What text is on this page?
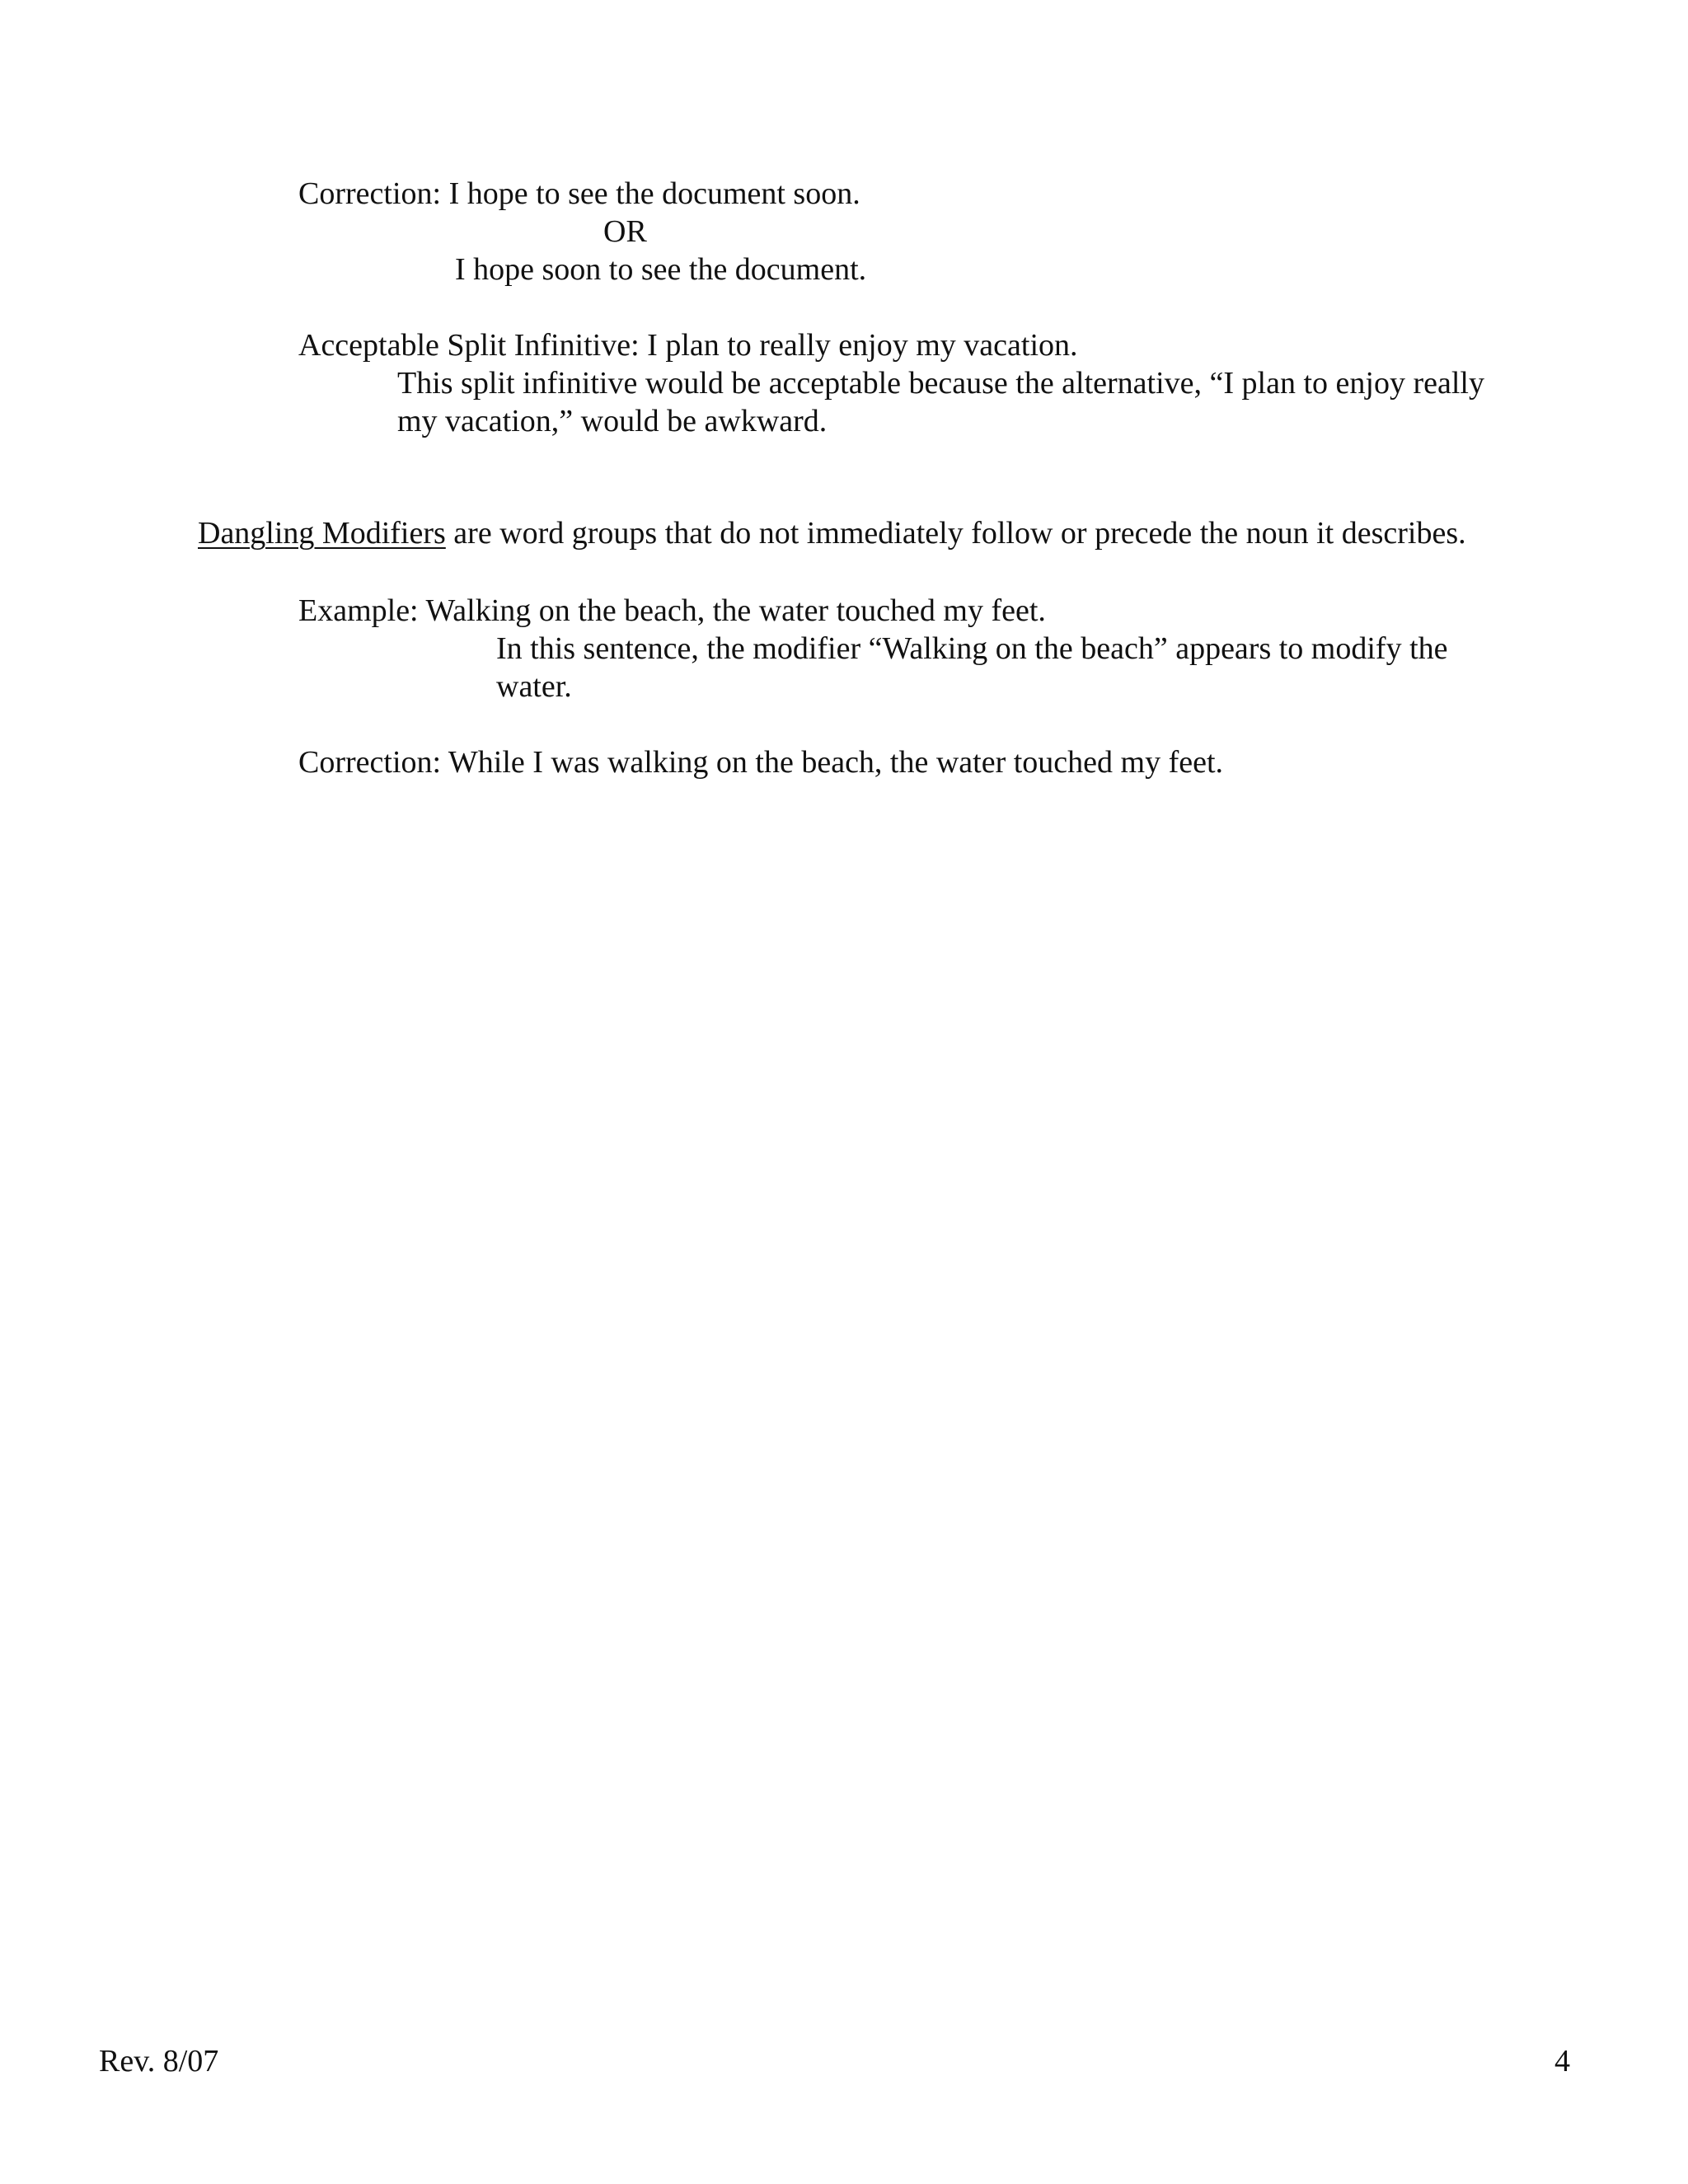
Correction: I hope to see the document soon.
OR
I hope soon to see the document.
Acceptable Split Infinitive: I plan to really enjoy my vacation.
This split infinitive would be acceptable because the alternative, “I plan to enjoy really
my vacation,” would be awkward.
Dangling Modifiers are word groups that do not immediately follow or precede the noun it describes.
Example: Walking on the beach, the water touched my feet.
In this sentence, the modifier “Walking on the beach” appears to modify the
water.
Correction: While I was walking on the beach, the water touched my feet.
Rev. 8/07	4
